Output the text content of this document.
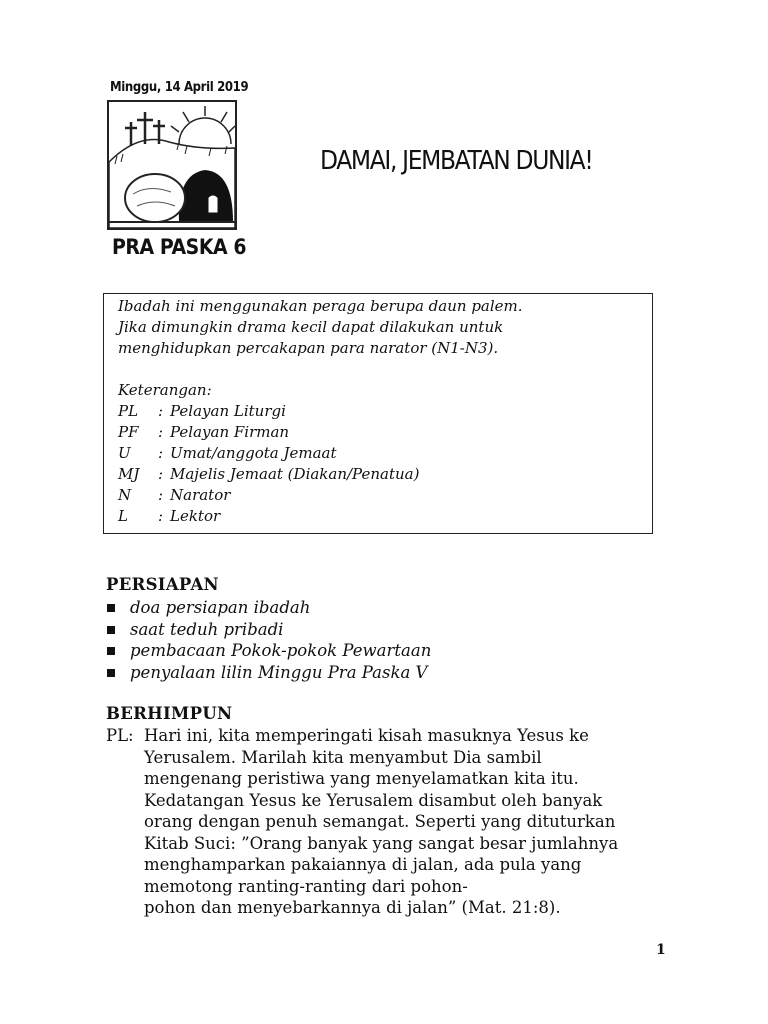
Minggu, 14 April 2019
PRA PASKA 6
DAMAI, JEMBATAN DUNIA!
Ibadah ini menggunakan peraga berupa daun palem.
Jika dimungkin drama kecil dapat dilakukan untuk
menghidupkan percakapan para narator (N1-N3).
Keterangan:
PL	: Pelayan Liturgi
PF	: Pelayan Firman
U	: Umat/anggota Jemaat
MJ	: Majelis Jemaat (Diakan/Penatua)
N	: Narator
L	: Lektor
PERSIAPAN
doa persiapan ibadah
saat teduh pribadi
pembacaan Pokok-pokok Pewartaan
penyalaan lilin Minggu Pra Paska V
BERHIMPUN
PL: Hari ini, kita memperingati kisah masuknya Yesus ke
Yerusalem. Marilah kita menyambut Dia sambil
mengenang peristiwa yang menyelamatkan kita itu.
Kedatangan Yesus ke Yerusalem disambut oleh banyak
orang dengan penuh semangat. Seperti yang dituturkan
Kitab Suci: ”Orang banyak yang sangat besar jumlahnya
menghamparkan pakaiannya di jalan, ada pula yang
memotong ranting-ranting dari pohon-
pohon dan menyebarkannya di jalan” (Mat. 21:8).
1
